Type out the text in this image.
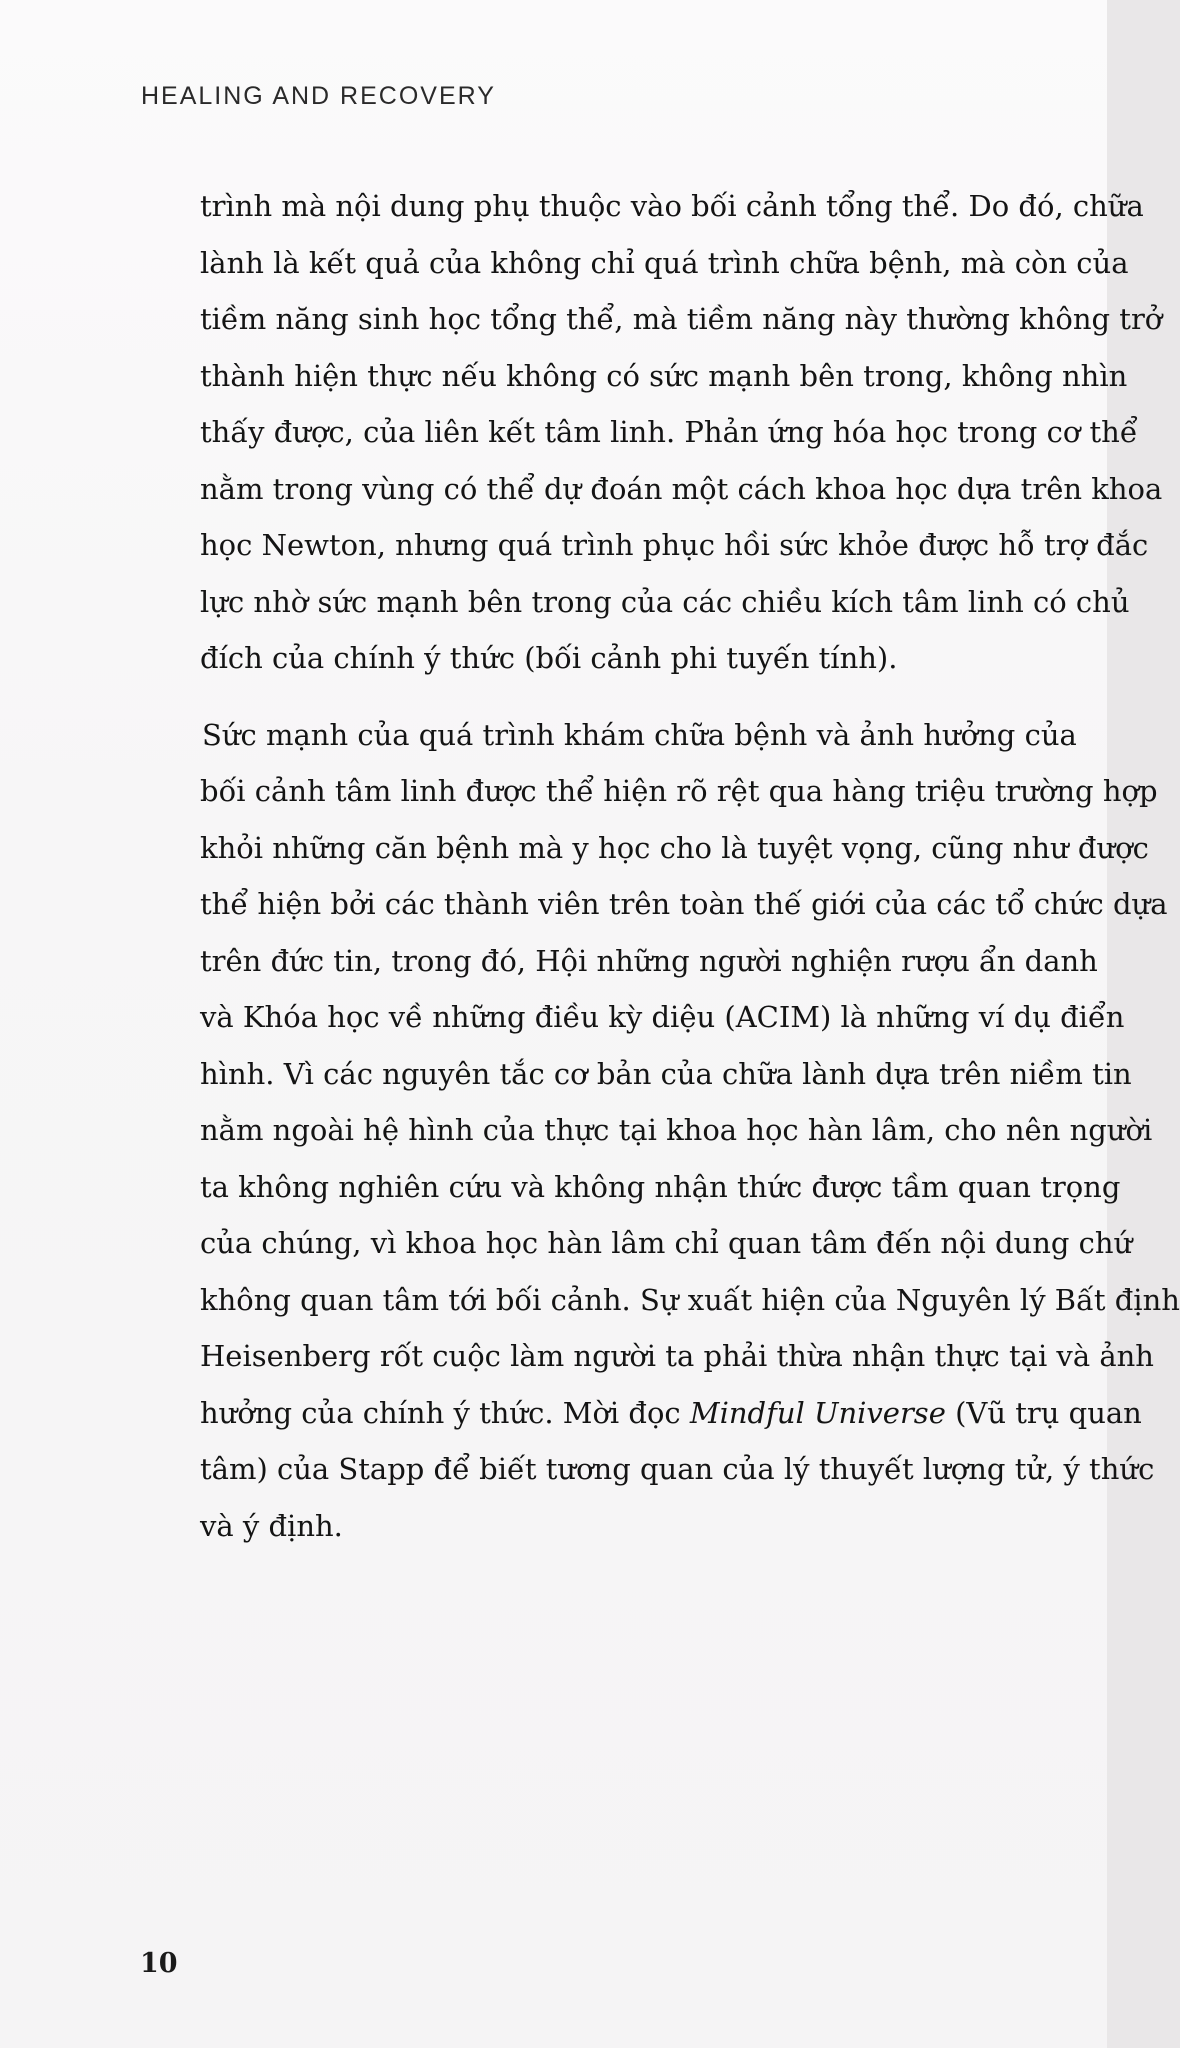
HEALING AND RECOVERY

trình mà nội dung phụ thuộc vào bối cảnh tổng thể. Do đó, chữa
lành là kết quả của không chỉ quá trình chữa bệnh, mà còn của
tiềm năng sinh học tổng thể, mà tiềm năng này thường không trở
thành hiện thực nếu không có sức mạnh bên trong, không nhìn
thấy được, của liên kết tâm linh. Phản ứng hóa học trong cơ thể
nằm trong vùng có thể dự đoán một cách khoa học dựa trên khoa
học Newton, nhưng quá trình phục hồi sức khỏe được hỗ trợ đắc
lực nhờ sức mạnh bên trong của các chiều kích tâm linh có chủ
đích của chính ý thức (bối cảnh phi tuyến tính).

Sức mạnh của quá trình khám chữa bệnh và ảnh hưởng của
bối cảnh tâm linh được thể hiện rõ rệt qua hàng triệu trường hợp
khỏi những căn bệnh mà y học cho là tuyệt vọng, cũng như được
thể hiện bởi các thành viên trên toàn thế giới của các tổ chức dựa
trên đức tin, trong đó, Hội những người nghiện rượu ẩn danh
và Khóa học về những điều kỳ diệu (ACIM) là những ví dụ điển
hình. Vì các nguyên tắc cơ bản của chữa lành dựa trên niềm tin
nằm ngoài hệ hình của thực tại khoa học hàn lâm, cho nên người
ta không nghiên cứu và không nhận thức được tầm quan trọng
của chúng, vì khoa học hàn lâm chỉ quan tâm đến nội dung chứ
không quan tâm tới bối cảnh. Sự xuất hiện của Nguyên lý Bất định
Heisenberg rốt cuộc làm người ta phải thừa nhận thực tại và ảnh
hưởng của chính ý thức. Mời đọc Mindful Universe (Vũ trụ quan
tâm) của Stapp để biết tương quan của lý thuyết lượng tử, ý thức
và ý định.

10
